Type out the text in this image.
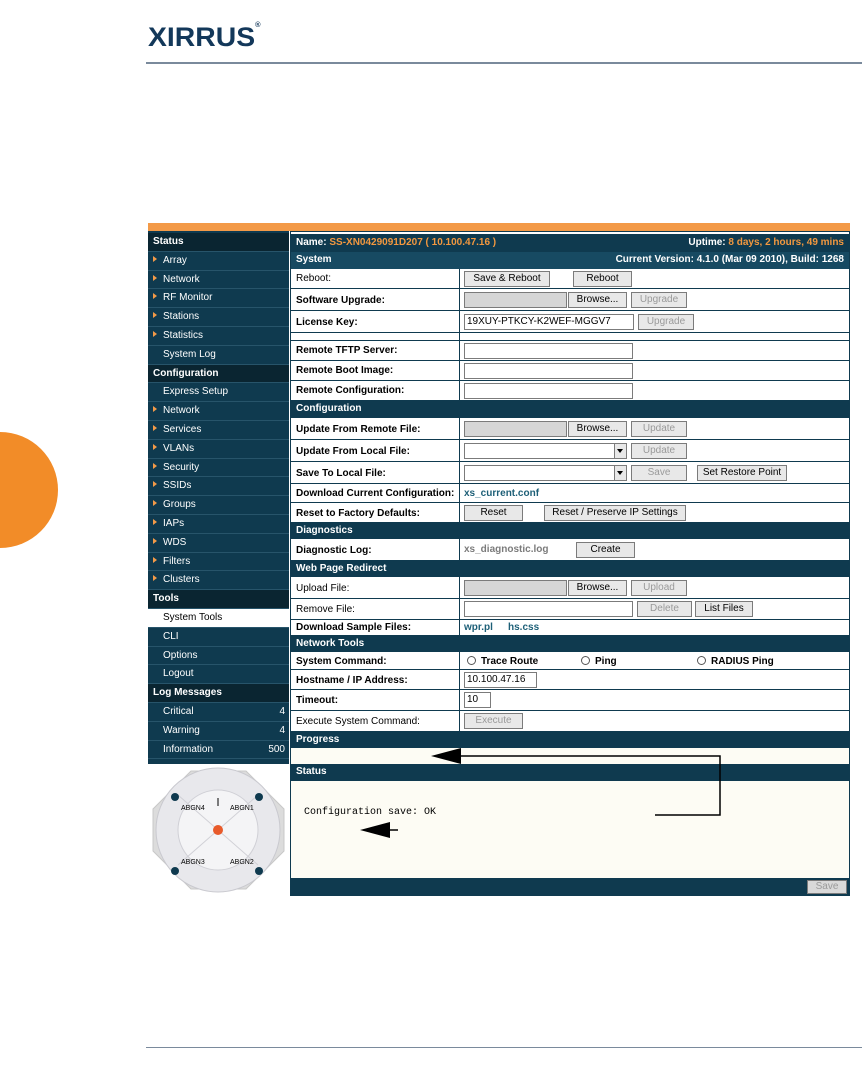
XIRRUS®
Status
Array
Network
RF Monitor
Stations
Statistics
System Log
Configuration
Express Setup
Network
Services
VLANs
Security
SSIDs
Groups
IAPs
WDS
Filters
Clusters
Tools
System Tools
CLI
Options
Logout
Log Messages
Critical	4
Warning	4
Information	500
ABGN4	ABGN1
ABGN3	ABGN2
Name: SS-XN0429091D207 ( 10.100.47.16 )	Uptime: 8 days, 2 hours, 49 mins
System	Current Version: 4.1.0 (Mar 09 2010), Build: 1268
Reboot:	Save & Reboot	Reboot
Software Upgrade:	Browse...	Upgrade
License Key:	19XUY-PTKCY-K2WEF-MGGV7	Upgrade
Remote TFTP Server:
Remote Boot Image:
Remote Configuration:
Configuration
Update From Remote File:	Browse...	Update
Update From Local File:	Update
Save To Local File:	Save	Set Restore Point
Download Current Configuration: xs_current.conf
Reset to Factory Defaults:	Reset	Reset / Preserve IP Settings
Diagnostics
Diagnostic Log:	xs_diagnostic.log	Create
Web Page Redirect
Upload File:	Browse...	Upload
Remove File:	Delete	List Files
Download Sample Files:	wpr.pl hs.css
Network Tools
System Command:	Trace Route	Ping	RADIUS Ping
Hostname / IP Address:	10.100.47.16
Timeout:	10
Execute System Command:	Execute
Progress
Status
Configuration save: OK
Save
